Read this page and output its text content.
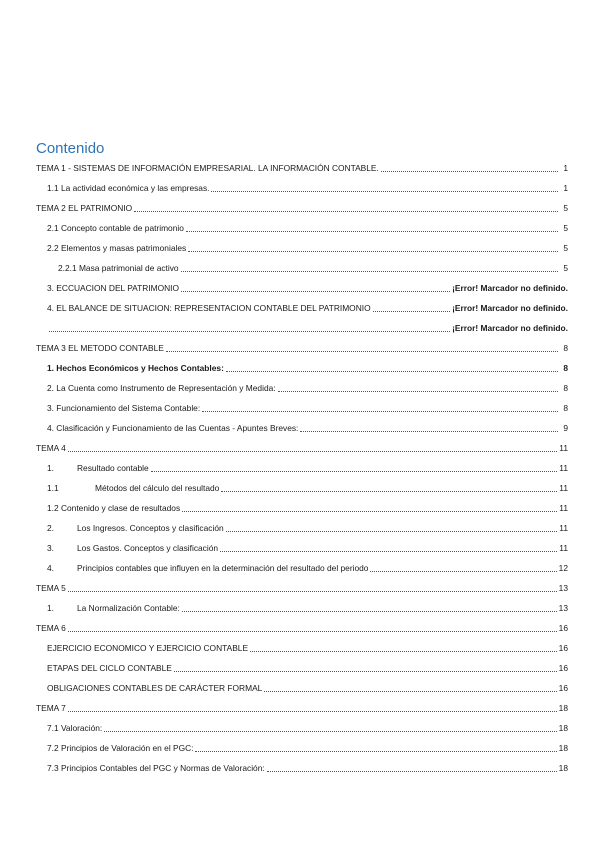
Contenido
TEMA 1 - SISTEMAS DE INFORMACIÓN EMPRESARIAL. LA INFORMACIÓN CONTABLE.	1
1.1 La actividad económica y las empresas.	1
TEMA 2 EL PATRIMONIO	5
2.1 Concepto contable de patrimonio	5
2.2 Elementos y masas patrimoniales	5
2.2.1 Masa patrimonial de activo	5
3. ECCUACION DEL PATRIMONIO	¡Error! Marcador no definido.
4. EL BALANCE DE SITUACION: REPRESENTACION CONTABLE DEL PATRIMONIO	¡Error! Marcador no definido.
¡Error! Marcador no definido.
TEMA 3 EL METODO CONTABLE	8
1. Hechos Económicos y Hechos Contables:	8
2. La Cuenta como Instrumento de Representación y Medida:	8
3. Funcionamiento del Sistema Contable:	8
4. Clasificación y Funcionamiento de las Cuentas - Apuntes Breves:	9
TEMA 4	11
1.	Resultado contable	11
1.1	Métodos del cálculo del resultado	11
1.2 Contenido y clase de resultados	11
2.	Los Ingresos. Conceptos y clasificación	11
3.	Los Gastos. Conceptos y clasificación	11
4.	Principios contables que influyen en la determinación del resultado del periodo	12
TEMA 5	13
1.	La Normalización Contable:	13
TEMA 6	16
EJERCICIO ECONOMICO Y EJERCICIO CONTABLE	16
ETAPAS DEL CICLO CONTABLE	16
OBLIGACIONES CONTABLES DE CARÁCTER FORMAL	16
TEMA 7	18
7.1 Valoración:	18
7.2 Principios de Valoración en el PGC:	18
7.3 Principios Contables del PGC y Normas de Valoración:	18
